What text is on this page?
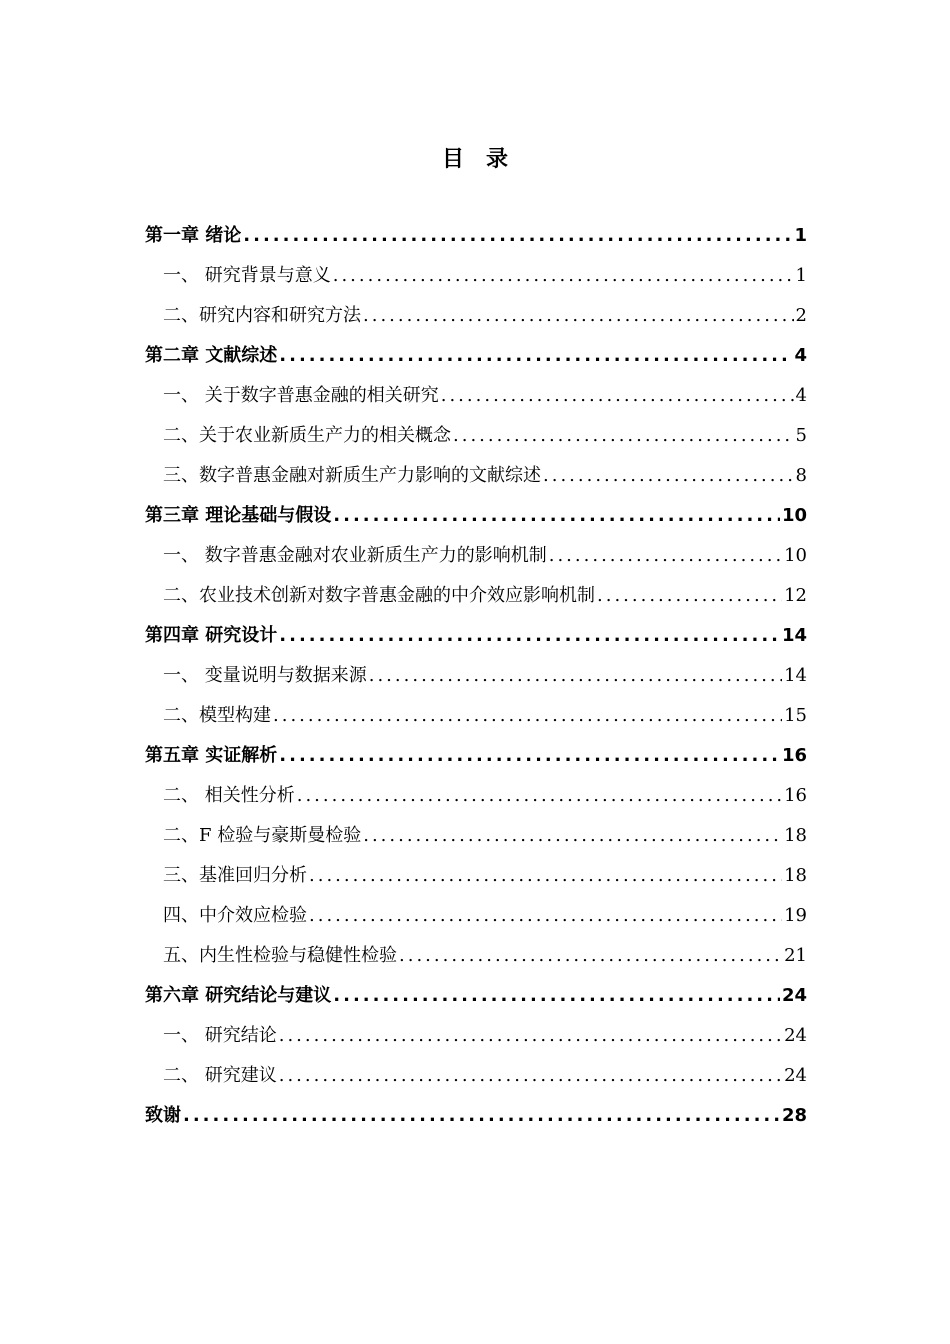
目　录
第一章 绪论 .....	1
一、 研究背景与意义 .....	1
二、研究内容和研究方法 .....	2
第二章 文献综述 .....	4
一、 关于数字普惠金融的相关研究 .....	4
二、关于农业新质生产力的相关概念 .....	5
三、数字普惠金融对新质生产力影响的文献综述 .....	8
第三章 理论基础与假设 .....	10
一、 数字普惠金融对农业新质生产力的影响机制 .....	10
二、农业技术创新对数字普惠金融的中介效应影响机制 .....	12
第四章 研究设计 .....	14
一、 变量说明与数据来源 .....	14
二、模型构建 .....	15
第五章 实证解析 .....	16
二、 相关性分析 .....	16
二、F 检验与豪斯曼检验 .....	18
三、基准回归分析 .....	18
四、中介效应检验 .....	19
五、内生性检验与稳健性检验 .....	21
第六章 研究结论与建议 .....	24
一、 研究结论 .....	24
二、 研究建议 .....	24
致谢 .....	28
